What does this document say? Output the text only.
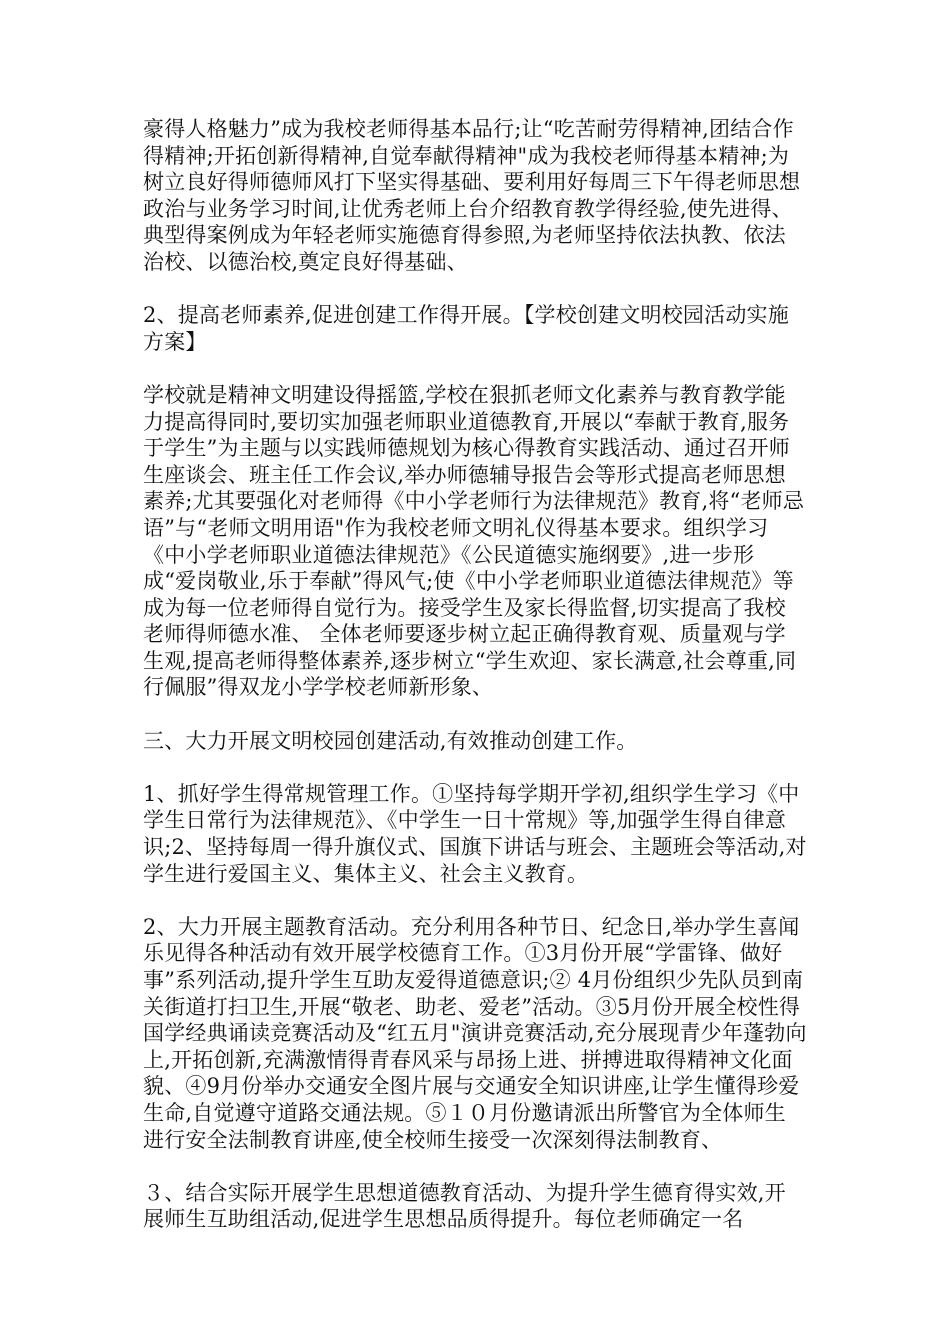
豪得人格魅力”成为我校老师得基本品行;让“吃苦耐劳得精神,团结合作得精神;开拓创新得精神,自觉奉献得精神"成为我校老师得基本精神;为树立良好得师德师风打下坚实得基础、要利用好每周三下午得老师思想政治与业务学习时间,让优秀老师上台介绍教育教学得经验,使先进得、典型得案例成为年轻老师实施德育得参照,为老师坚持依法执教、依法治校、以德治校,奠定良好得基础、

2、提高老师素养,促进创建工作得开展。【学校创建文明校园活动实施方案】

学校就是精神文明建设得摇篮,学校在狠抓老师文化素养与教育教学能力提高得同时,要切实加强老师职业道德教育,开展以“奉献于教育,服务于学生”为主题与以实践师德规划为核心得教育实践活动、通过召开师生座谈会、班主任工作会议,举办师德辅导报告会等形式提高老师思想素养;尤其要强化对老师得《中小学老师行为法律规范》教育,将“老师忌语”与“老师文明用语"作为我校老师文明礼仪得基本要求。组织学习《中小学老师职业道德法律规范》《公民道德实施纲要》,进一步形成“爱岗敬业,乐于奉献”得风气;使《中小学老师职业道德法律规范》等成为每一位老师得自觉行为。接受学生及家长得监督,切实提高了我校老师得师德水准、 全体老师要逐步树立起正确得教育观、质量观与学生观,提高老师得整体素养,逐步树立“学生欢迎、家长满意,社会尊重,同行佩服”得双龙小学学校老师新形象、

三、大力开展文明校园创建活动,有效推动创建工作。

1、抓好学生得常规管理工作。①坚持每学期开学初,组织学生学习《中学生日常行为法律规范》、《中学生一日十常规》等,加强学生得自律意识;2、坚持每周一得升旗仪式、国旗下讲话与班会、主题班会等活动,对学生进行爱国主义、集体主义、社会主义教育。

2、大力开展主题教育活动。充分利用各种节日、纪念日,举办学生喜闻乐见得各种活动有效开展学校德育工作。①3月份开展“学雷锋、做好事”系列活动,提升学生互助友爱得道德意识;② 4月份组织少先队员到南关街道打扫卫生,开展“敬老、助老、爱老”活动。③5月份开展全校性得国学经典诵读竞赛活动及“红五月"演讲竞赛活动,充分展现青少年蓬勃向上,开拓创新,充满激情得青春风采与昂扬上进、拼搏进取得精神文化面貌、④9月份举办交通安全图片展与交通安全知识讲座,让学生懂得珍爱生命,自觉遵守道路交通法规。⑤１０月份邀请派出所警官为全体师生进行安全法制教育讲座,使全校师生接受一次深刻得法制教育、

３、结合实际开展学生思想道德教育活动、为提升学生德育得实效,开展师生互助组活动,促进学生思想品质得提升。每位老师确定一名
